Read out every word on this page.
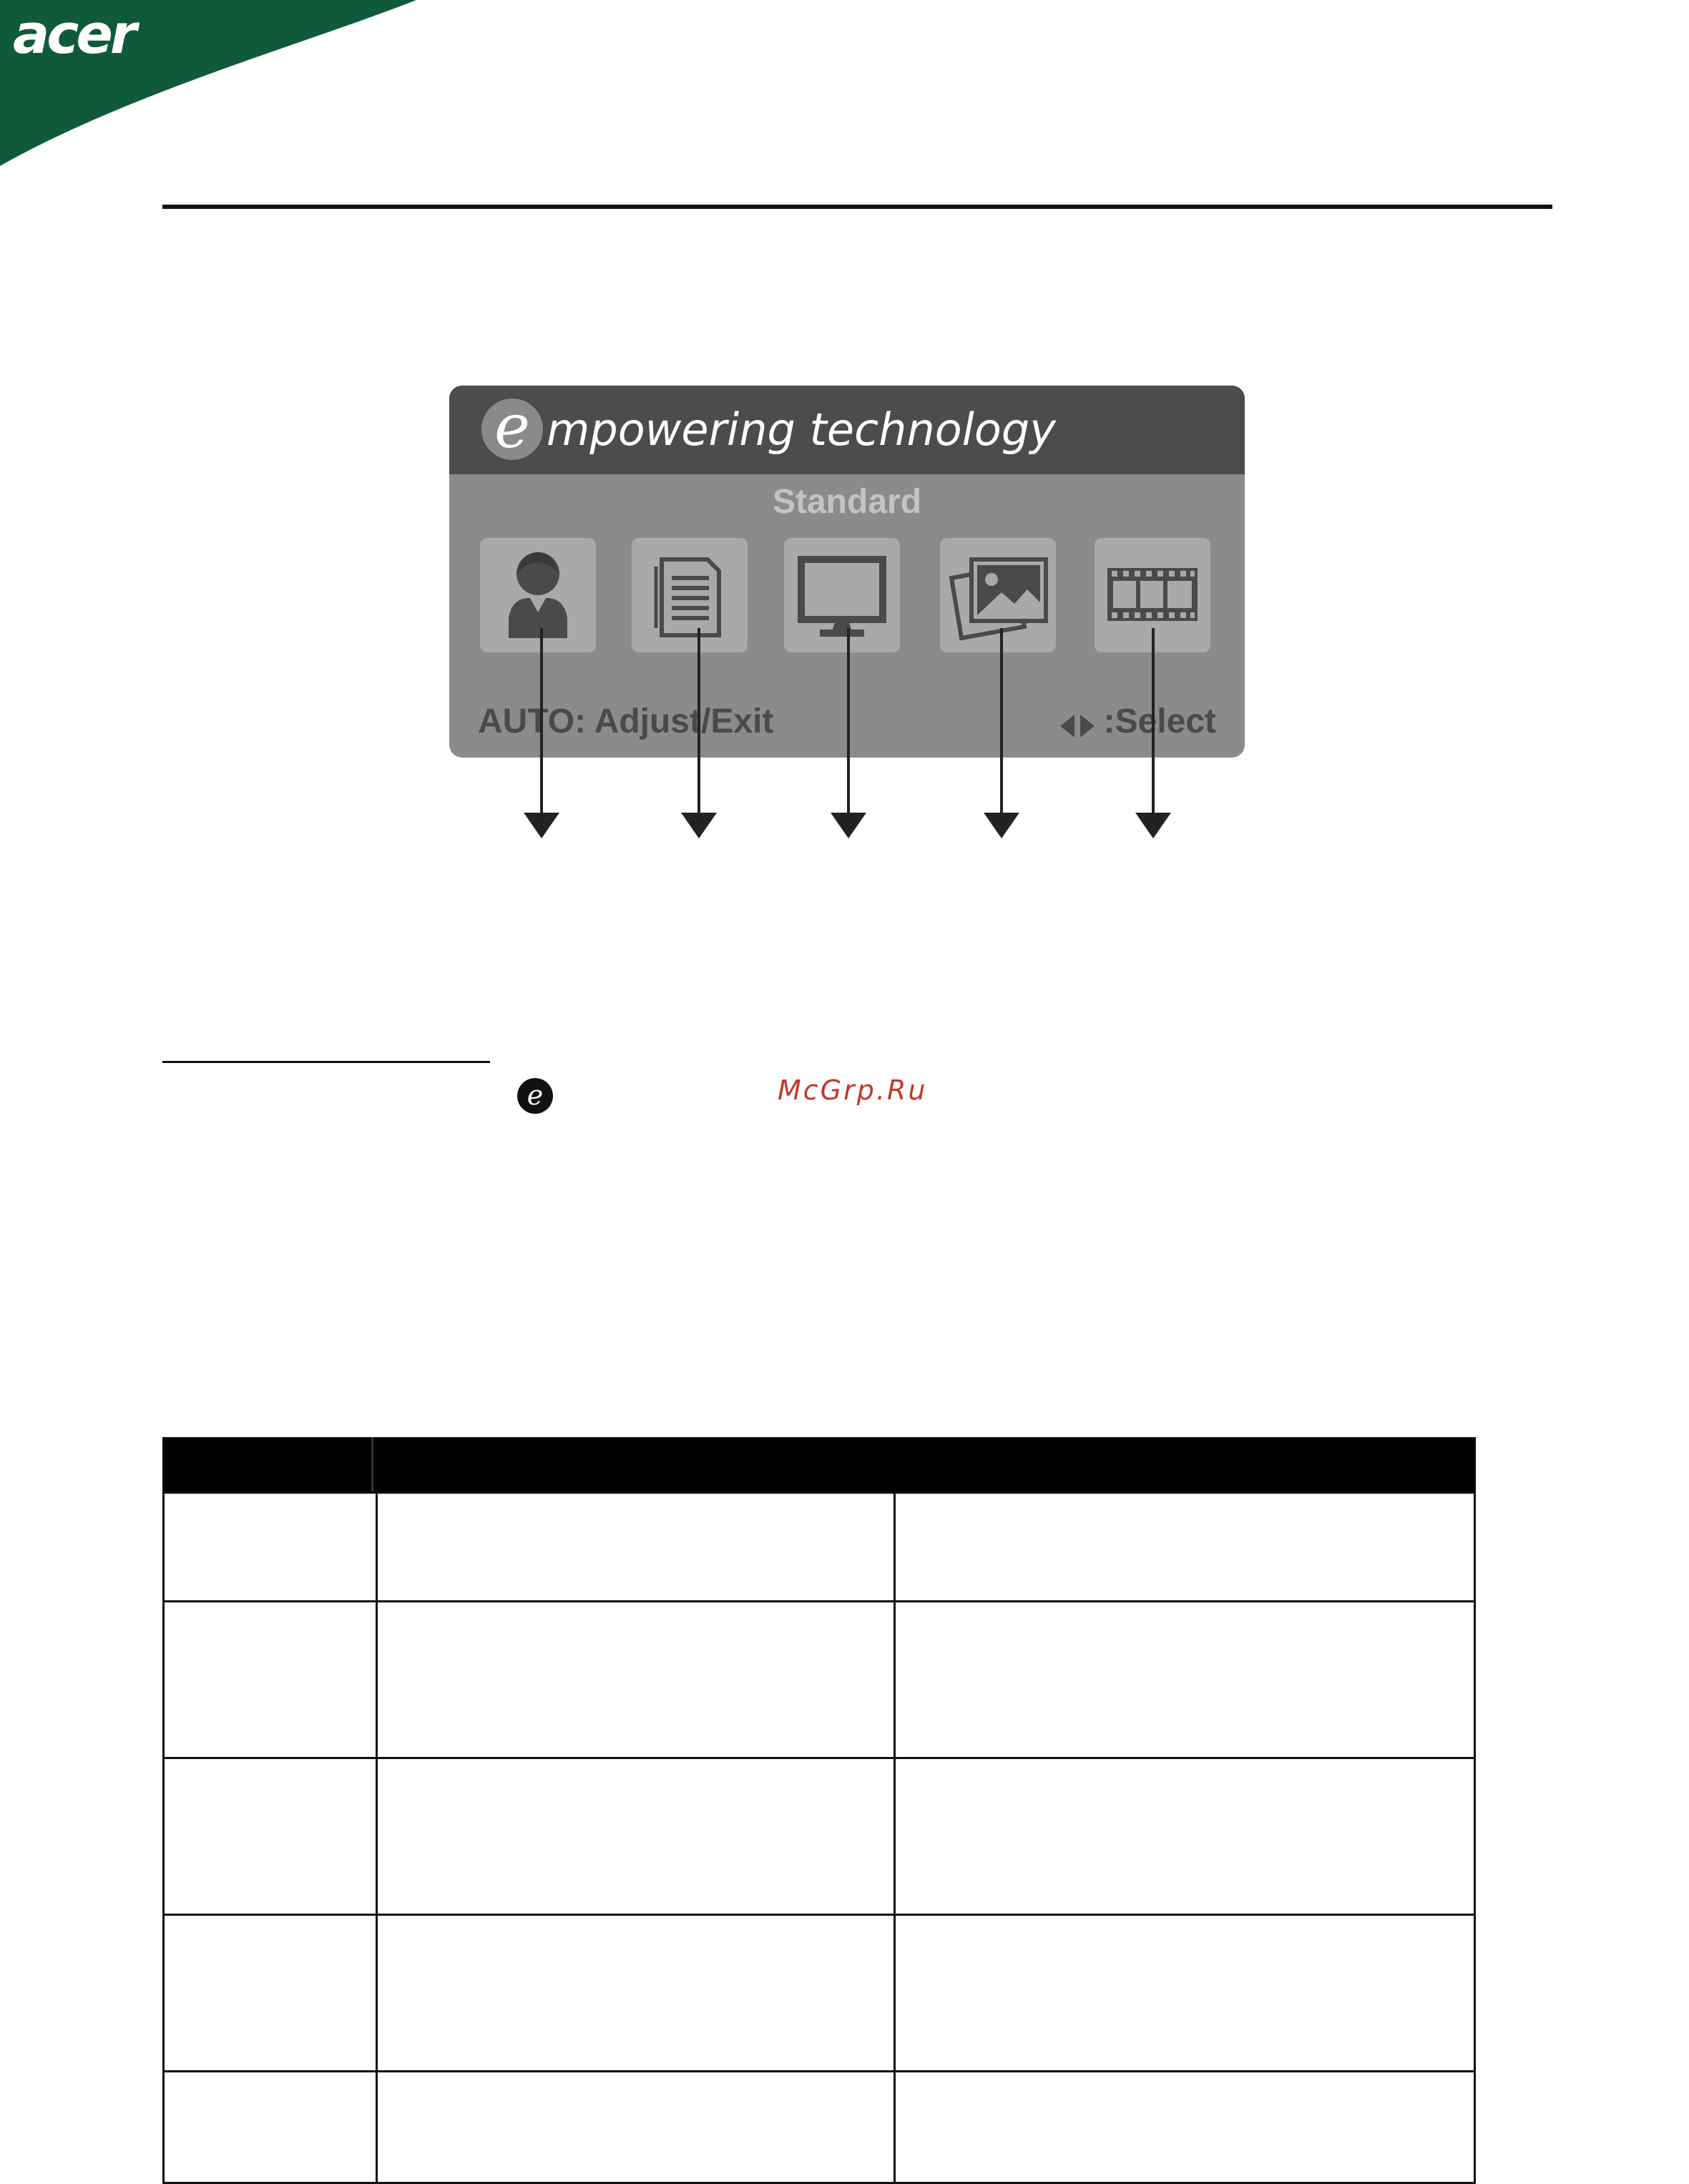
acer
e mpowering technology
Standard
AUTO: Adjust/Exit	:Select
e	McGrp.Ru
